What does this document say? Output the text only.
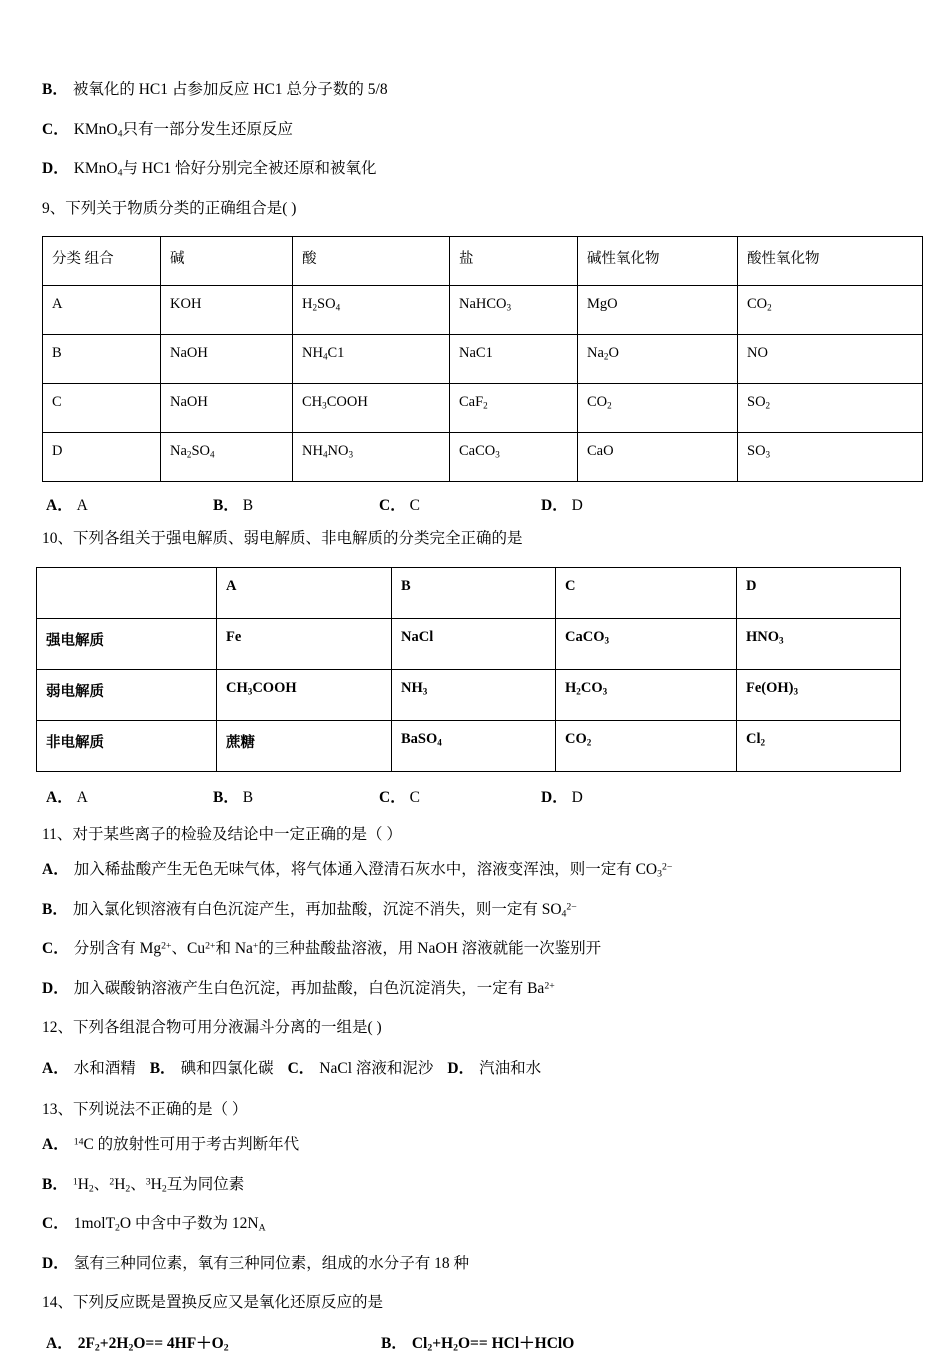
B． 被氧化的 HC1 占参加反应 HC1 总分子数的 5/8
C． KMnO$_4$只有一部分发生还原反应
D． KMnO$_4$与 HC1 恰好分别完全被还原和被氧化
9、下列关于物质分类的正确组合是( )
分类 组合	碱	酸	盐	碱性氧化物	酸性氧化物
A	KOH	$H_2SO_4$	NaHCO$_3$	MgO	$CO_2$
B	NaOH	$NH_4C1$	NaC1	$Na_2O$	NO
C	NaOH	$CH_3COOH$	CaF$_2$	$CO_2$	$SO_2$
D	$Na_2SO_4$	$NH_4NO_3$	CaCO$_3$	CaO	$SO_3$
A． A	B． B	C． C	D． D
10、下列各组关于强电解质、弱电解质、非电解质的分类完全正确的是
	A	B	C	D
强电解质	Fe	NaCl	CaCO$_3$	$HNO_3$
弱电解质	$CH_3COOH$	$NH_3$	$H_2CO_3$	$Fe(OH)_3$
非电解质	蔗糖	BaSO$_4$	$CO_2$	$Cl_2$
A． A	B． B	C． C	D． D
11、对于某些离子的检验及结论中一定正确的是（ ）
A． 加入稀盐酸产生无色无味气体，将气体通入澄清石灰水中，溶液变浑浊，则一定有 $CO_3^{2-}$
B． 加入氯化钡溶液有白色沉淀产生，再加盐酸，沉淀不消失，则一定有 $SO_4^{2-}$
C． 分别含有 $Mg^{2+}$、$Cu^{2+}$和 Na+的三种盐酸盐溶液，用 NaOH 溶液就能一次鉴别开
D． 加入碳酸钠溶液产生白色沉淀，再加盐酸，白色沉淀消失，一定有 $Ba^{2+}$
12、下列各组混合物可用分液漏斗分离的一组是( )
A． 水和酒精 B． 碘和四氯化碳 C． NaCl 溶液和泥沙 D． 汽油和水
13、下列说法不正确的是（ ）
A． $^{14}$C 的放射性可用于考古判断年代
B． $^1H_2$、$^2H_2$、$^3H_2$互为同位素
C． 1molT$_2$O 中含中子数为 $12N_A$
D． 氢有三种同位素，氧有三种同位素，组成的水分子有 18 种
14、下列反应既是置换反应又是氧化还原反应的是
A． $2F_2+2H_2O== 4HF+O_2$	B． $Cl_2+H_2O==$ HCl＋HClO
